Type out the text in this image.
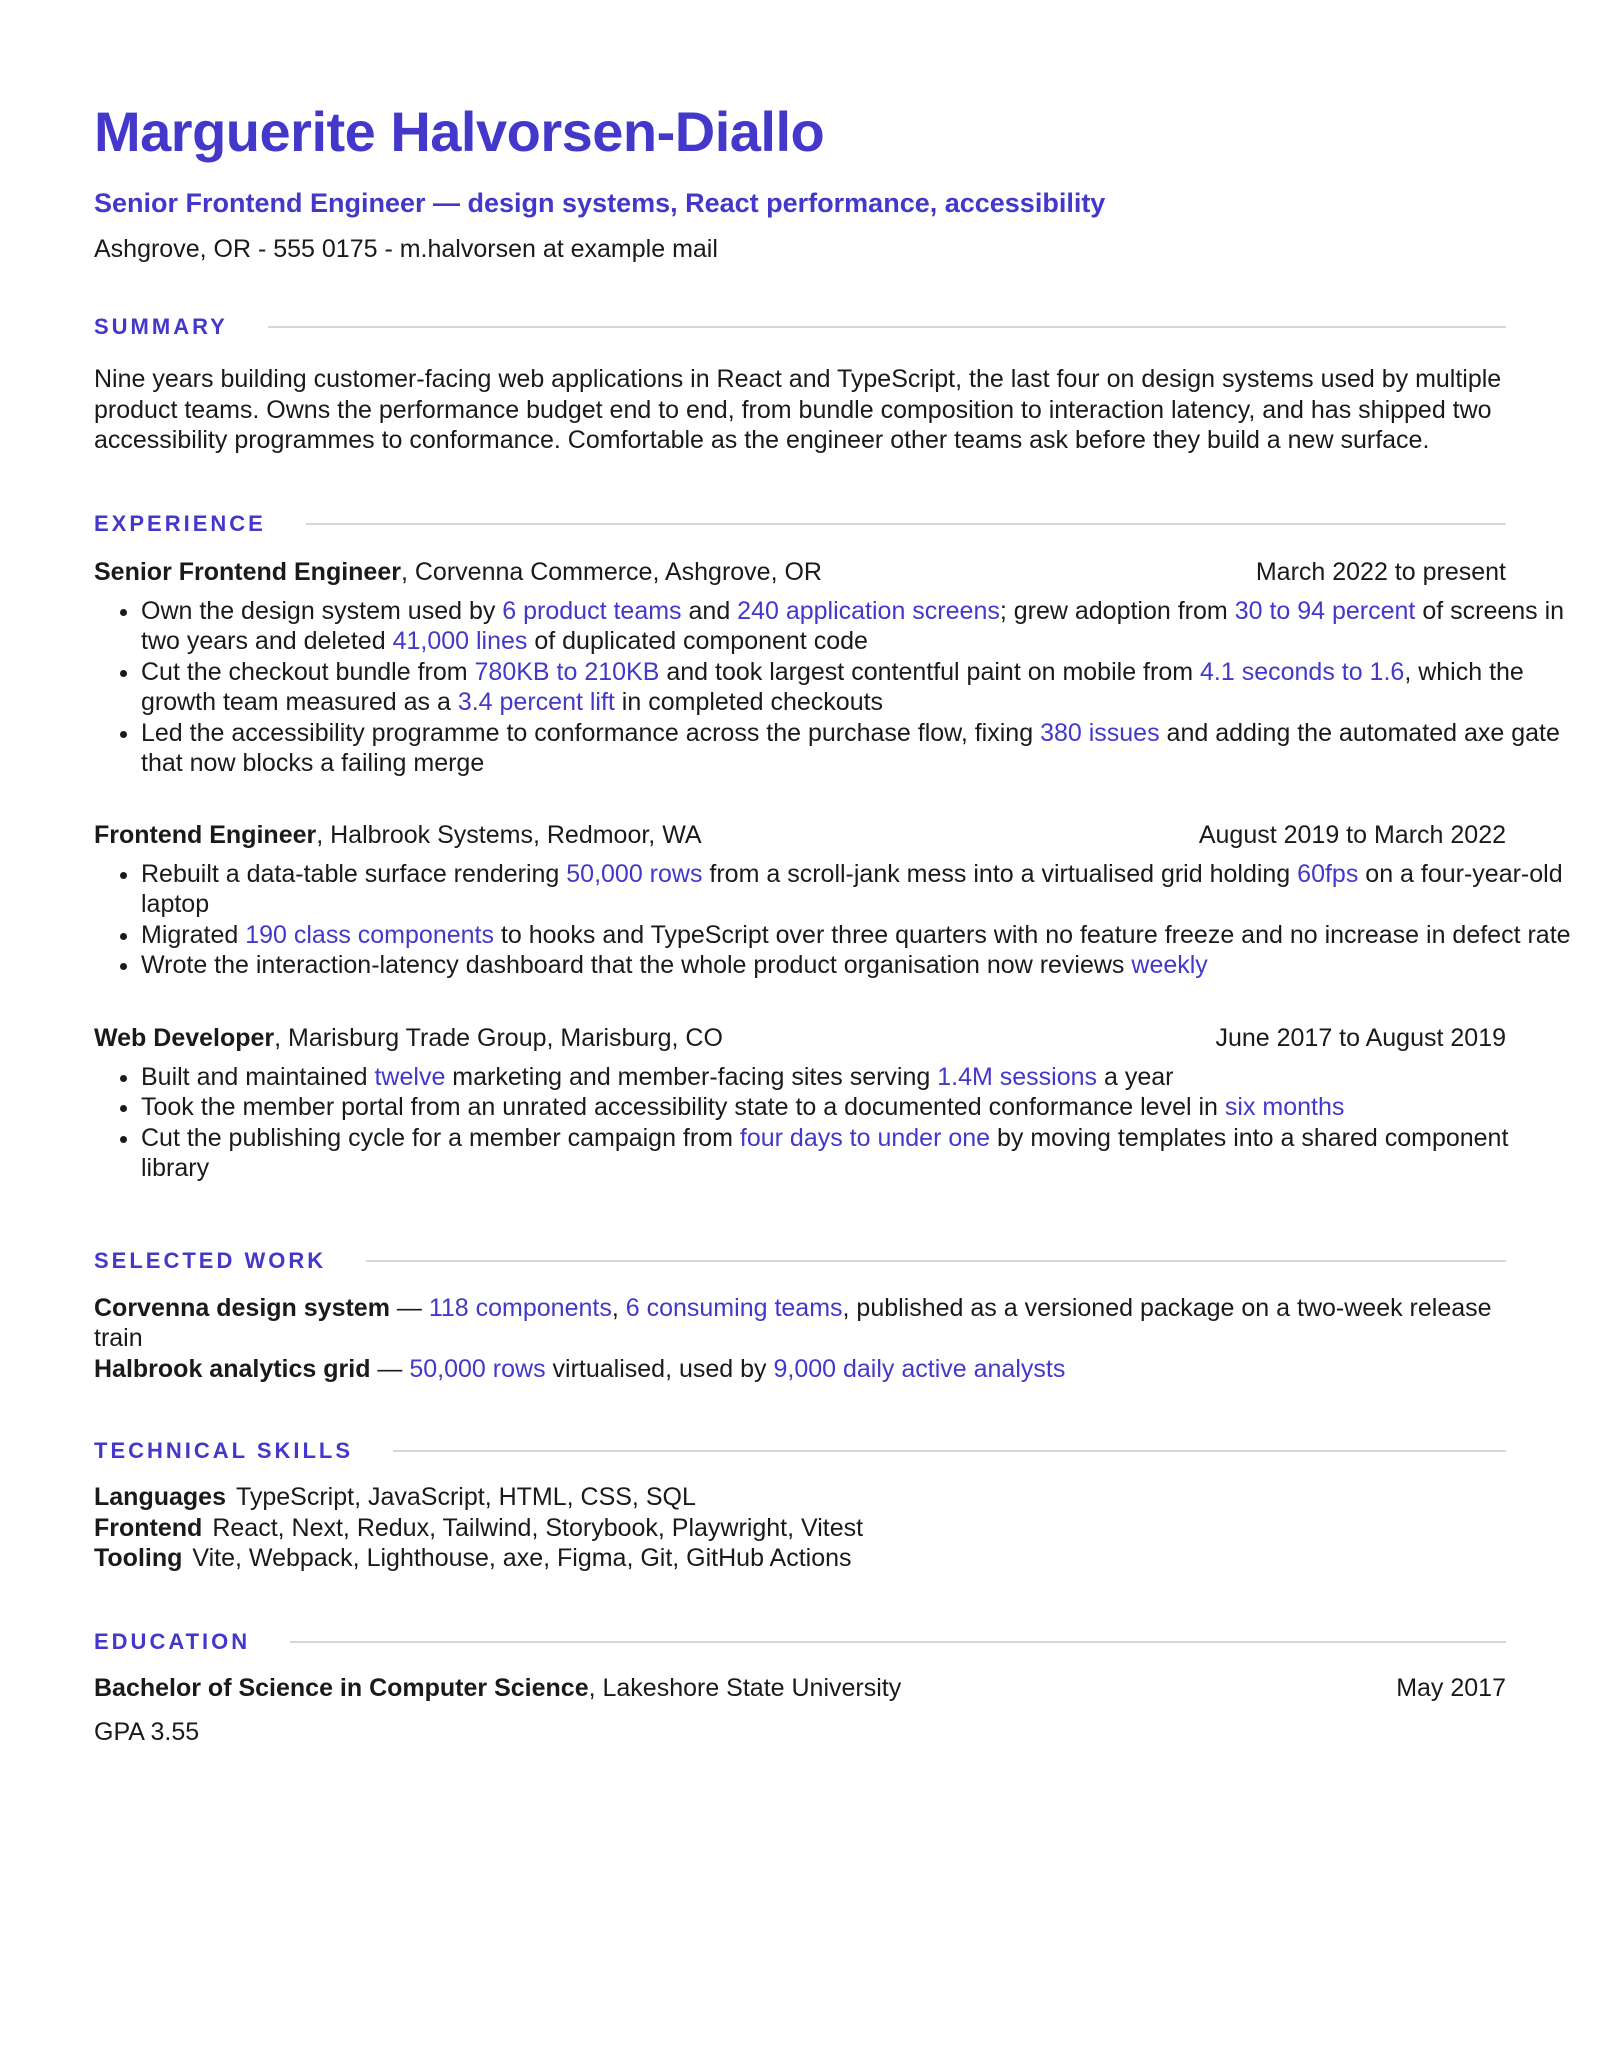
Marguerite Halvorsen-Diallo
Senior Frontend Engineer — design systems, React performance, accessibility
Ashgrove, OR - 555 0175 - m.halvorsen at example mail
SUMMARY
Nine years building customer-facing web applications in React and TypeScript, the last four on design systems used by multiple product teams. Owns the performance budget end to end, from bundle composition to interaction latency, and has shipped two accessibility programmes to conformance. Comfortable as the engineer other teams ask before they build a new surface.
EXPERIENCE
Senior Frontend Engineer, Corvenna Commerce, Ashgrove, OR	March 2022 to present
• Own the design system used by 6 product teams and 240 application screens; grew adoption from 30 to 94 percent of screens in two years and deleted 41,000 lines of duplicated component code
• Cut the checkout bundle from 780KB to 210KB and took largest contentful paint on mobile from 4.1 seconds to 1.6, which the growth team measured as a 3.4 percent lift in completed checkouts
• Led the accessibility programme to conformance across the purchase flow, fixing 380 issues and adding the automated axe gate that now blocks a failing merge
Frontend Engineer, Halbrook Systems, Redmoor, WA	August 2019 to March 2022
• Rebuilt a data-table surface rendering 50,000 rows from a scroll-jank mess into a virtualised grid holding 60fps on a four-year-old laptop
• Migrated 190 class components to hooks and TypeScript over three quarters with no feature freeze and no increase in defect rate
• Wrote the interaction-latency dashboard that the whole product organisation now reviews weekly
Web Developer, Marisburg Trade Group, Marisburg, CO	June 2017 to August 2019
• Built and maintained twelve marketing and member-facing sites serving 1.4M sessions a year
• Took the member portal from an unrated accessibility state to a documented conformance level in six months
• Cut the publishing cycle for a member campaign from four days to under one by moving templates into a shared component library
SELECTED WORK
Corvenna design system — 118 components, 6 consuming teams, published as a versioned package on a two-week release train
Halbrook analytics grid — 50,000 rows virtualised, used by 9,000 daily active analysts
TECHNICAL SKILLS
Languages TypeScript, JavaScript, HTML, CSS, SQL
Frontend React, Next, Redux, Tailwind, Storybook, Playwright, Vitest
Tooling Vite, Webpack, Lighthouse, axe, Figma, Git, GitHub Actions
EDUCATION
Bachelor of Science in Computer Science, Lakeshore State University	May 2017
GPA 3.55
